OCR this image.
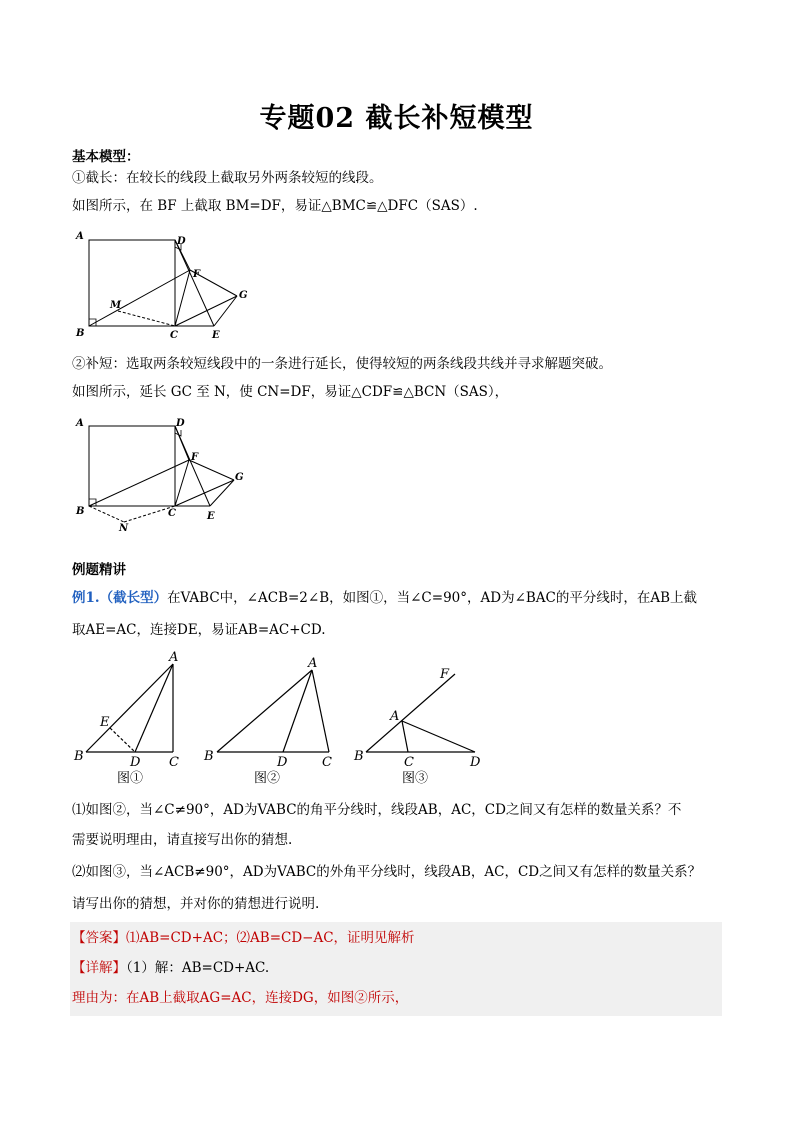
专题02 截长补短模型
基本模型：
①截长：在较长的线段上截取另外两条较短的线段。
如图所示，在 BF 上截取 BM=DF，易证△BMC≌△DFC（SAS）.
A	D
F
M
G
B	C	E
②补短：选取两条较短线段中的一条进行延长，使得较短的两条线段共线并寻求解题突破。
如图所示，延长 GC 至 N，使 CN=DF，易证△CDF≌△BCN（SAS），
A	D
F
G
B	C	E
N
例题精讲
例1.（截长型）在VABC中，∠ACB=2∠B，如图①，当∠C=90°，AD为∠BAC的平分线时，在AB上截
取AE=AC，连接DE，易证AB=AC+CD.
A
E
B	D C
图①
A
B	D	C
图②
F
A
B	C	D
图③
⑴如图②，当∠C≠90°，AD为VABC的角平分线时，线段AB，AC，CD之间又有怎样的数量关系？不
需要说明理由，请直接写出你的猜想.
⑵如图③，当∠ACB≠90°，AD为VABC的外角平分线时，线段AB，AC，CD之间又有怎样的数量关系？
请写出你的猜想，并对你的猜想进行说明.
【答案】⑴AB=CD+AC；⑵AB=CD−AC，证明见解析
【详解】（1）解：AB=CD+AC.
理由为：在AB上截取AG=AC，连接DG，如图②所示，
